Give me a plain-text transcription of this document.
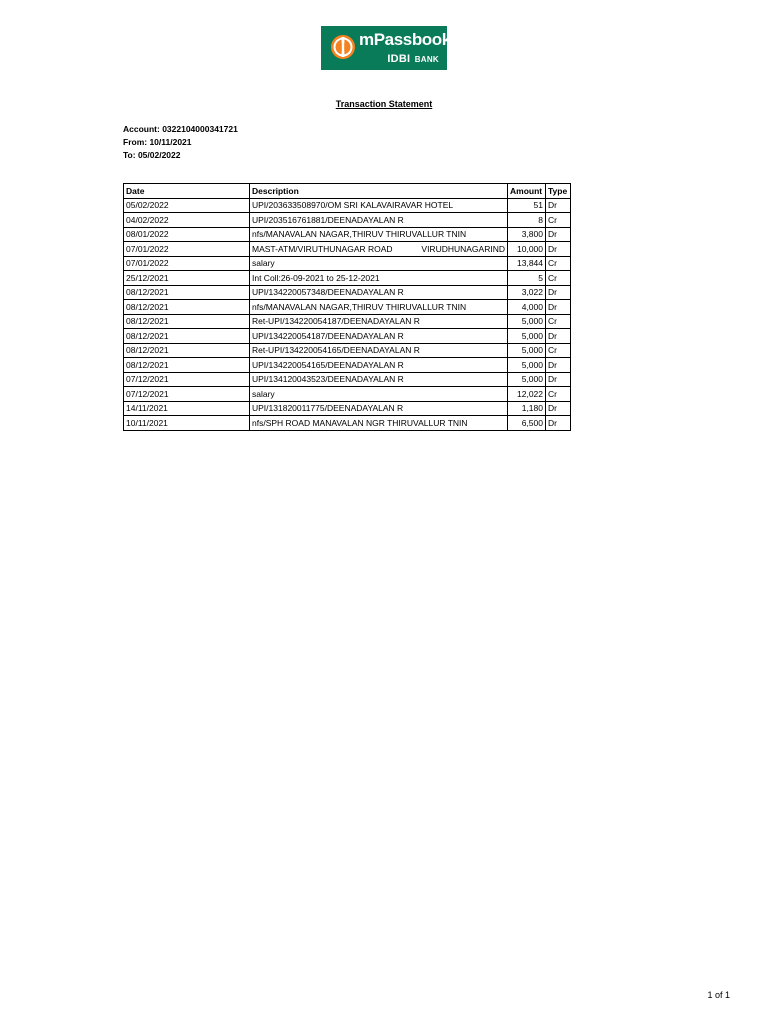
mPassbook
IDBI BANK
Transaction Statement
Account: 0322104000341721
From: 10/11/2021
To: 05/02/2022
Date	Description	Amount	Type
05/02/2022	UPI/203633508970/OM SRI KALAVAIRAVAR HOTEL	51	Dr
04/02/2022	UPI/203516761881/DEENADAYALAN R	8	Cr
08/01/2022	nfs/MANAVALAN NAGAR,THIRUV THIRUVALLUR TNIN	3,800	Dr
07/01/2022	MAST-ATM/VIRUTHUNAGAR ROAD VIRUDHUNAGARIND	10,000	Dr
07/01/2022	salary	13,844	Cr
25/12/2021	Int Coll:26-09-2021 to 25-12-2021	5	Cr
08/12/2021	UPI/134220057348/DEENADAYALAN R	3,022	Dr
08/12/2021	nfs/MANAVALAN NAGAR,THIRUV THIRUVALLUR TNIN	4,000	Dr
08/12/2021	Ret-UPI/134220054187/DEENADAYALAN R	5,000	Cr
08/12/2021	UPI/134220054187/DEENADAYALAN R	5,000	Dr
08/12/2021	Ret-UPI/134220054165/DEENADAYALAN R	5,000	Cr
08/12/2021	UPI/134220054165/DEENADAYALAN R	5,000	Dr
07/12/2021	UPI/134120043523/DEENADAYALAN R	5,000	Dr
07/12/2021	salary	12,022	Cr
14/11/2021	UPI/131820011775/DEENADAYALAN R	1,180	Dr
10/11/2021	nfs/SPH ROAD MANAVALAN NGR THIRUVALLUR TNIN	6,500	Dr
1 of 1
